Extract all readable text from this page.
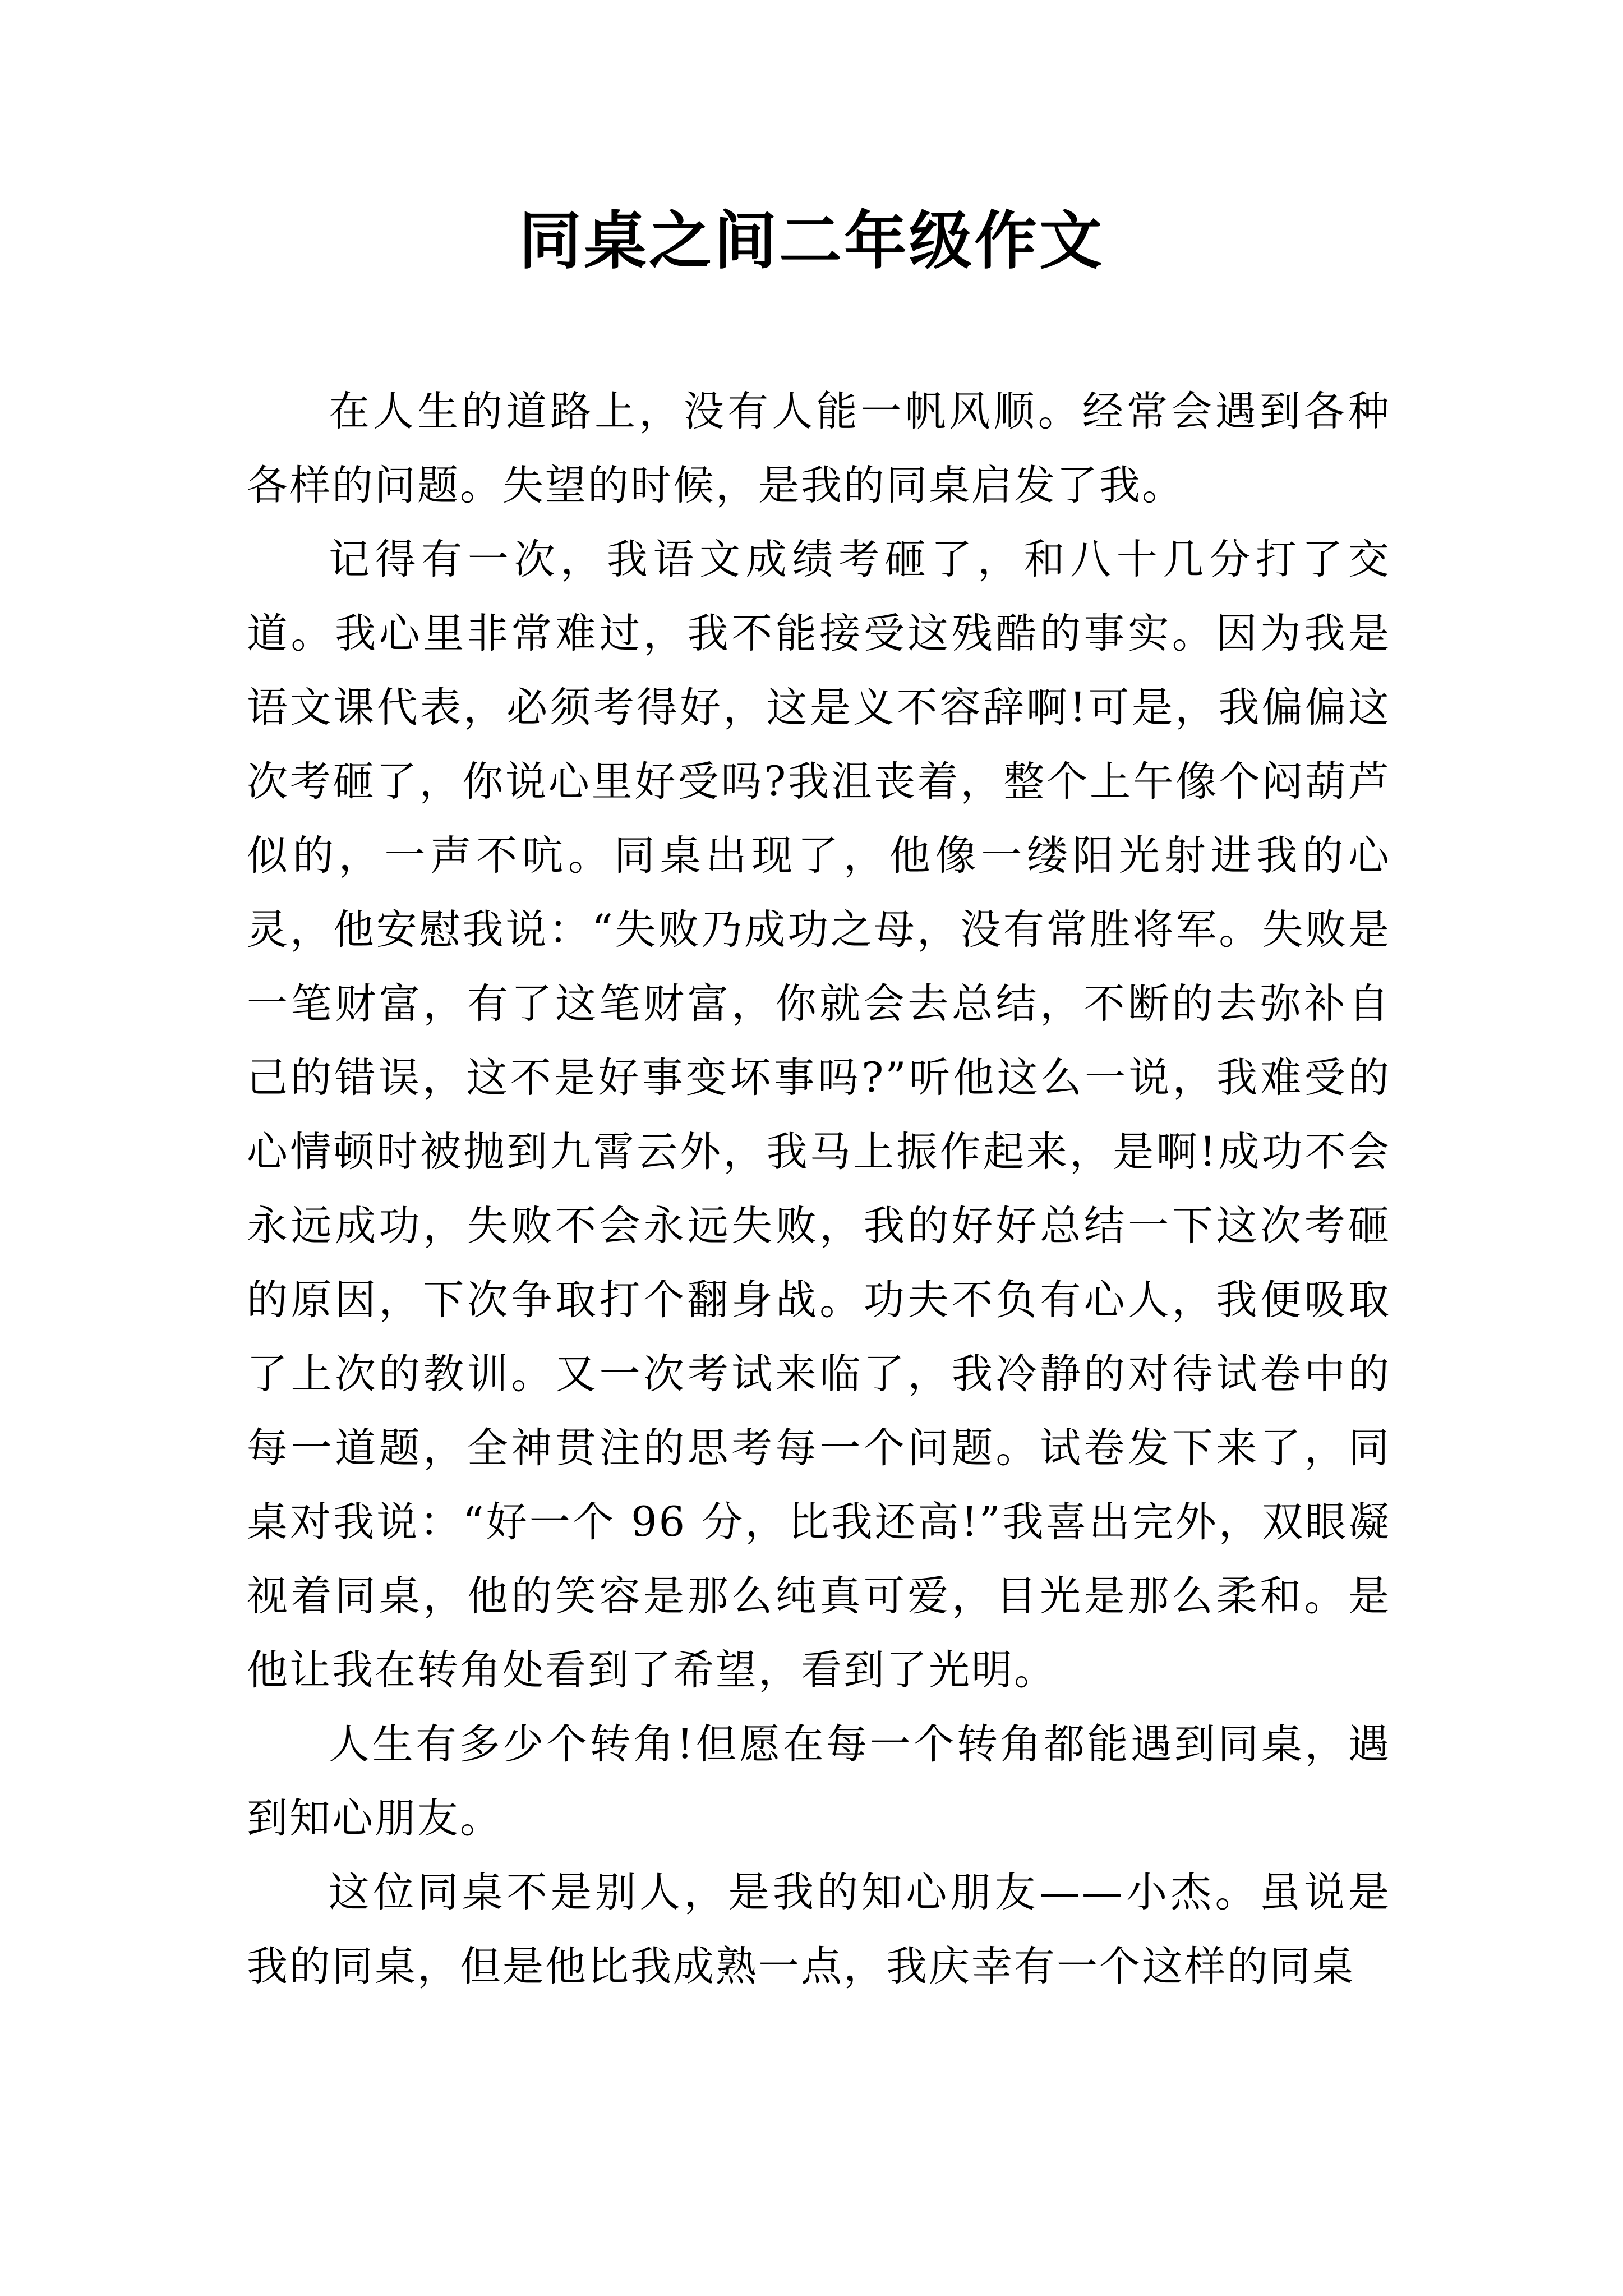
同桌之间二年级作文

在人生的道路上，没有人能一帆风顺。经常会遇到各种各样的问题。失望的时候，是我的同桌启发了我。

记得有一次，我语文成绩考砸了，和八十几分打了交道。我心里非常难过，我不能接受这残酷的事实。因为我是语文课代表，必须考得好，这是义不容辞啊!可是，我偏偏这次考砸了，你说心里好受吗?我沮丧着，整个上午像个闷葫芦似的，一声不吭。同桌出现了，他像一缕阳光射进我的心灵，他安慰我说：“失败乃成功之母，没有常胜将军。失败是一笔财富，有了这笔财富，你就会去总结，不断的去弥补自己的错误，这不是好事变坏事吗?”听他这么一说，我难受的心情顿时被抛到九霄云外，我马上振作起来，是啊!成功不会永远成功，失败不会永远失败，我的好好总结一下这次考砸的原因，下次争取打个翻身战。功夫不负有心人，我便吸取了上次的教训。又一次考试来临了，我冷静的对待试卷中的每一道题，全神贯注的思考每一个问题。试卷发下来了，同桌对我说：“好一个 96 分，比我还高!”我喜出完外，双眼凝视着同桌，他的笑容是那么纯真可爱，目光是那么柔和。是他让我在转角处看到了希望，看到了光明。

人生有多少个转角!但愿在每一个转角都能遇到同桌，遇到知心朋友。

这位同桌不是别人，是我的知心朋友——小杰。虽说是我的同桌，但是他比我成熟一点，我庆幸有一个这样的同桌
